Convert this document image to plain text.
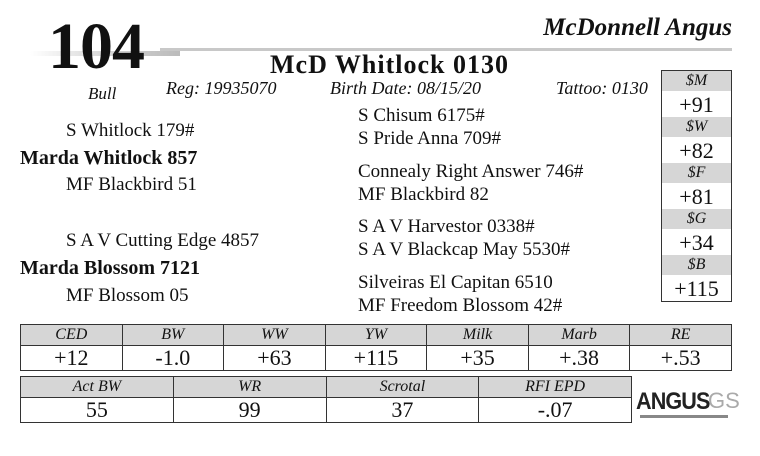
104	McDonnell Angus
McD Whitlock 0130
Bull	Reg: 19935070	Birth Date: 08/15/20	Tattoo: 0130
S Whitlock 179#
Marda Whitlock 857
MF Blackbird 51
S A V Cutting Edge 4857
Marda Blossom 7121
MF Blossom 05
S Chisum 6175#
S Pride Anna 709#
Connealy Right Answer 746#
MF Blackbird 82
S A V Harvestor 0338#
S A V Blackcap May 5530#
Silveiras El Capitan 6510
MF Freedom Blossom 42#
$M
+91
$W
+82
$F
+81
$G
+34
$B
+115
CED	BW	WW	YW	Milk	Marb	RE
+12	-1.0	+63	+115	+35	+.38	+.53
Act BW	WR	Scrotal	RFI EPD
55	99	37	-.07	ANGUS
GS
